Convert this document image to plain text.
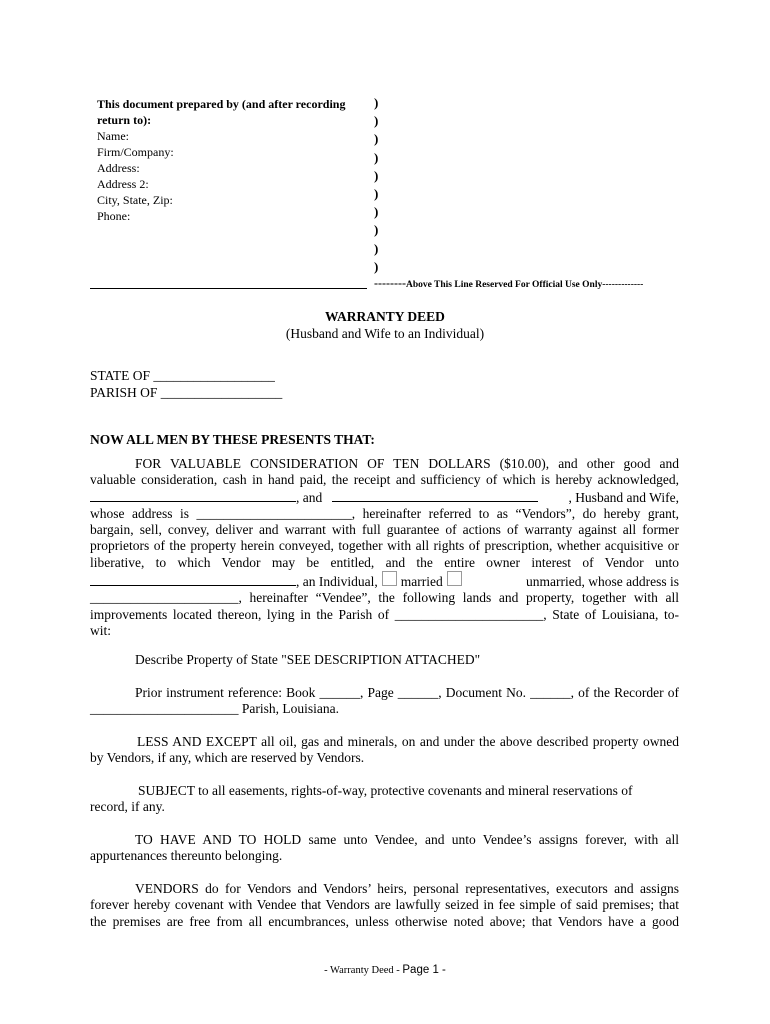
This document prepared by (and after recording
return to):
Name:
Firm/Company:
Address:
Address 2:
City, State, Zip:
Phone:
)
)
)
)
)
)
)
)
)
)
--------Above This Line Reserved For Official Use Only-------------
WARRANTY DEED
(Husband and Wife to an Individual)
STATE OF __________________
PARISH OF __________________
NOW ALL MEN BY THESE PRESENTS THAT:
FOR VALUABLE CONSIDERATION OF TEN DOLLARS ($10.00), and other good and
valuable consideration, cash in hand paid, the receipt and sufficiency of which is hereby acknowledged,
, and	, Husband and Wife,
whose address is _______________________, hereinafter referred to as “Vendors”, do hereby grant,
bargain, sell, convey, deliver and warrant with full guarantee of actions of warranty against all former
proprietors of the property herein conveyed, together with all rights of prescription, whether acquisitive or
liberative, to which Vendor may be entitled, and the entire owner interest of Vendor unto
, an Individual, married	unmarried, whose address is
______________________, hereinafter “Vendee”, the following lands and property, together with all
improvements located thereon, lying in the Parish of ______________________, State of Louisiana, to-
wit:
Describe Property of State "SEE DESCRIPTION ATTACHED"
Prior instrument reference: Book ______, Page ______, Document No. ______, of the Recorder of
______________________ Parish, Louisiana.
LESS AND EXCEPT all oil, gas and minerals, on and under the above described property owned
by Vendors, if any, which are reserved by Vendors.
SUBJECT to all easements, rights-of-way, protective covenants and mineral reservations of
record, if any.
TO HAVE AND TO HOLD same unto Vendee, and unto Vendee’s assigns forever, with all
appurtenances thereunto belonging.
VENDORS do for Vendors and Vendors’ heirs, personal representatives, executors and assigns
forever hereby covenant with Vendee that Vendors are lawfully seized in fee simple of said premises; that
the premises are free from all encumbrances, unless otherwise noted above; that Vendors have a good
- Warranty Deed - Page 1 -
